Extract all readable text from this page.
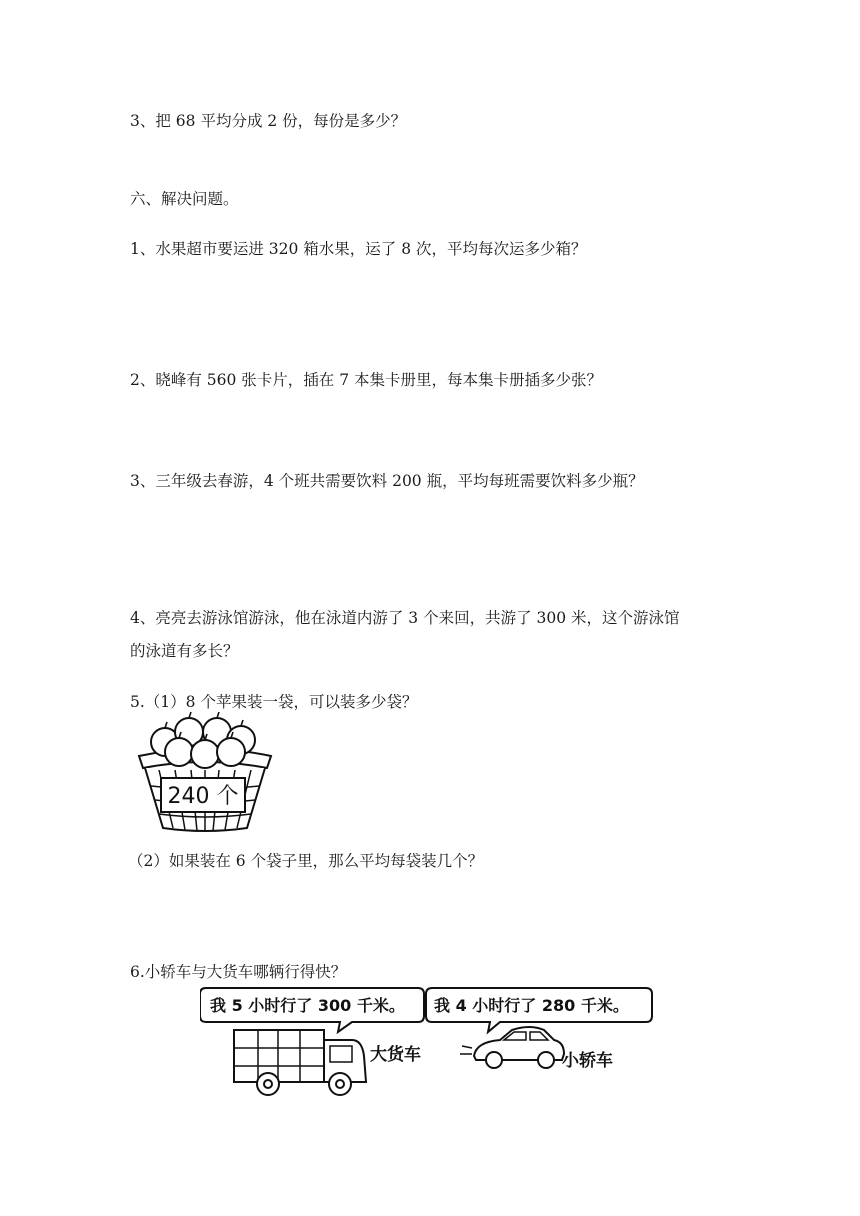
3、把 68 平均分成 2 份，每份是多少？
六、解决问题。
1、水果超市要运进 320 箱水果，运了 8 次，平均每次运多少箱？
2、晓峰有 560 张卡片，插在 7 本集卡册里，每本集卡册插多少张？
3、三年级去春游，4 个班共需要饮料 200 瓶，平均每班需要饮料多少瓶？
4、亮亮去游泳馆游泳，他在泳道内游了 3 个来回，共游了 300 米，这个游泳馆
的泳道有多长？
5.（1）8 个苹果装一袋，可以装多少袋？
240 个
（2）如果装在 6 个袋子里，那么平均每袋装几个？
6.小轿车与大货车哪辆行得快？
我 5 小时行了 300 千米。 我 4 小时行了 280 千米。
大货车	小轿车
